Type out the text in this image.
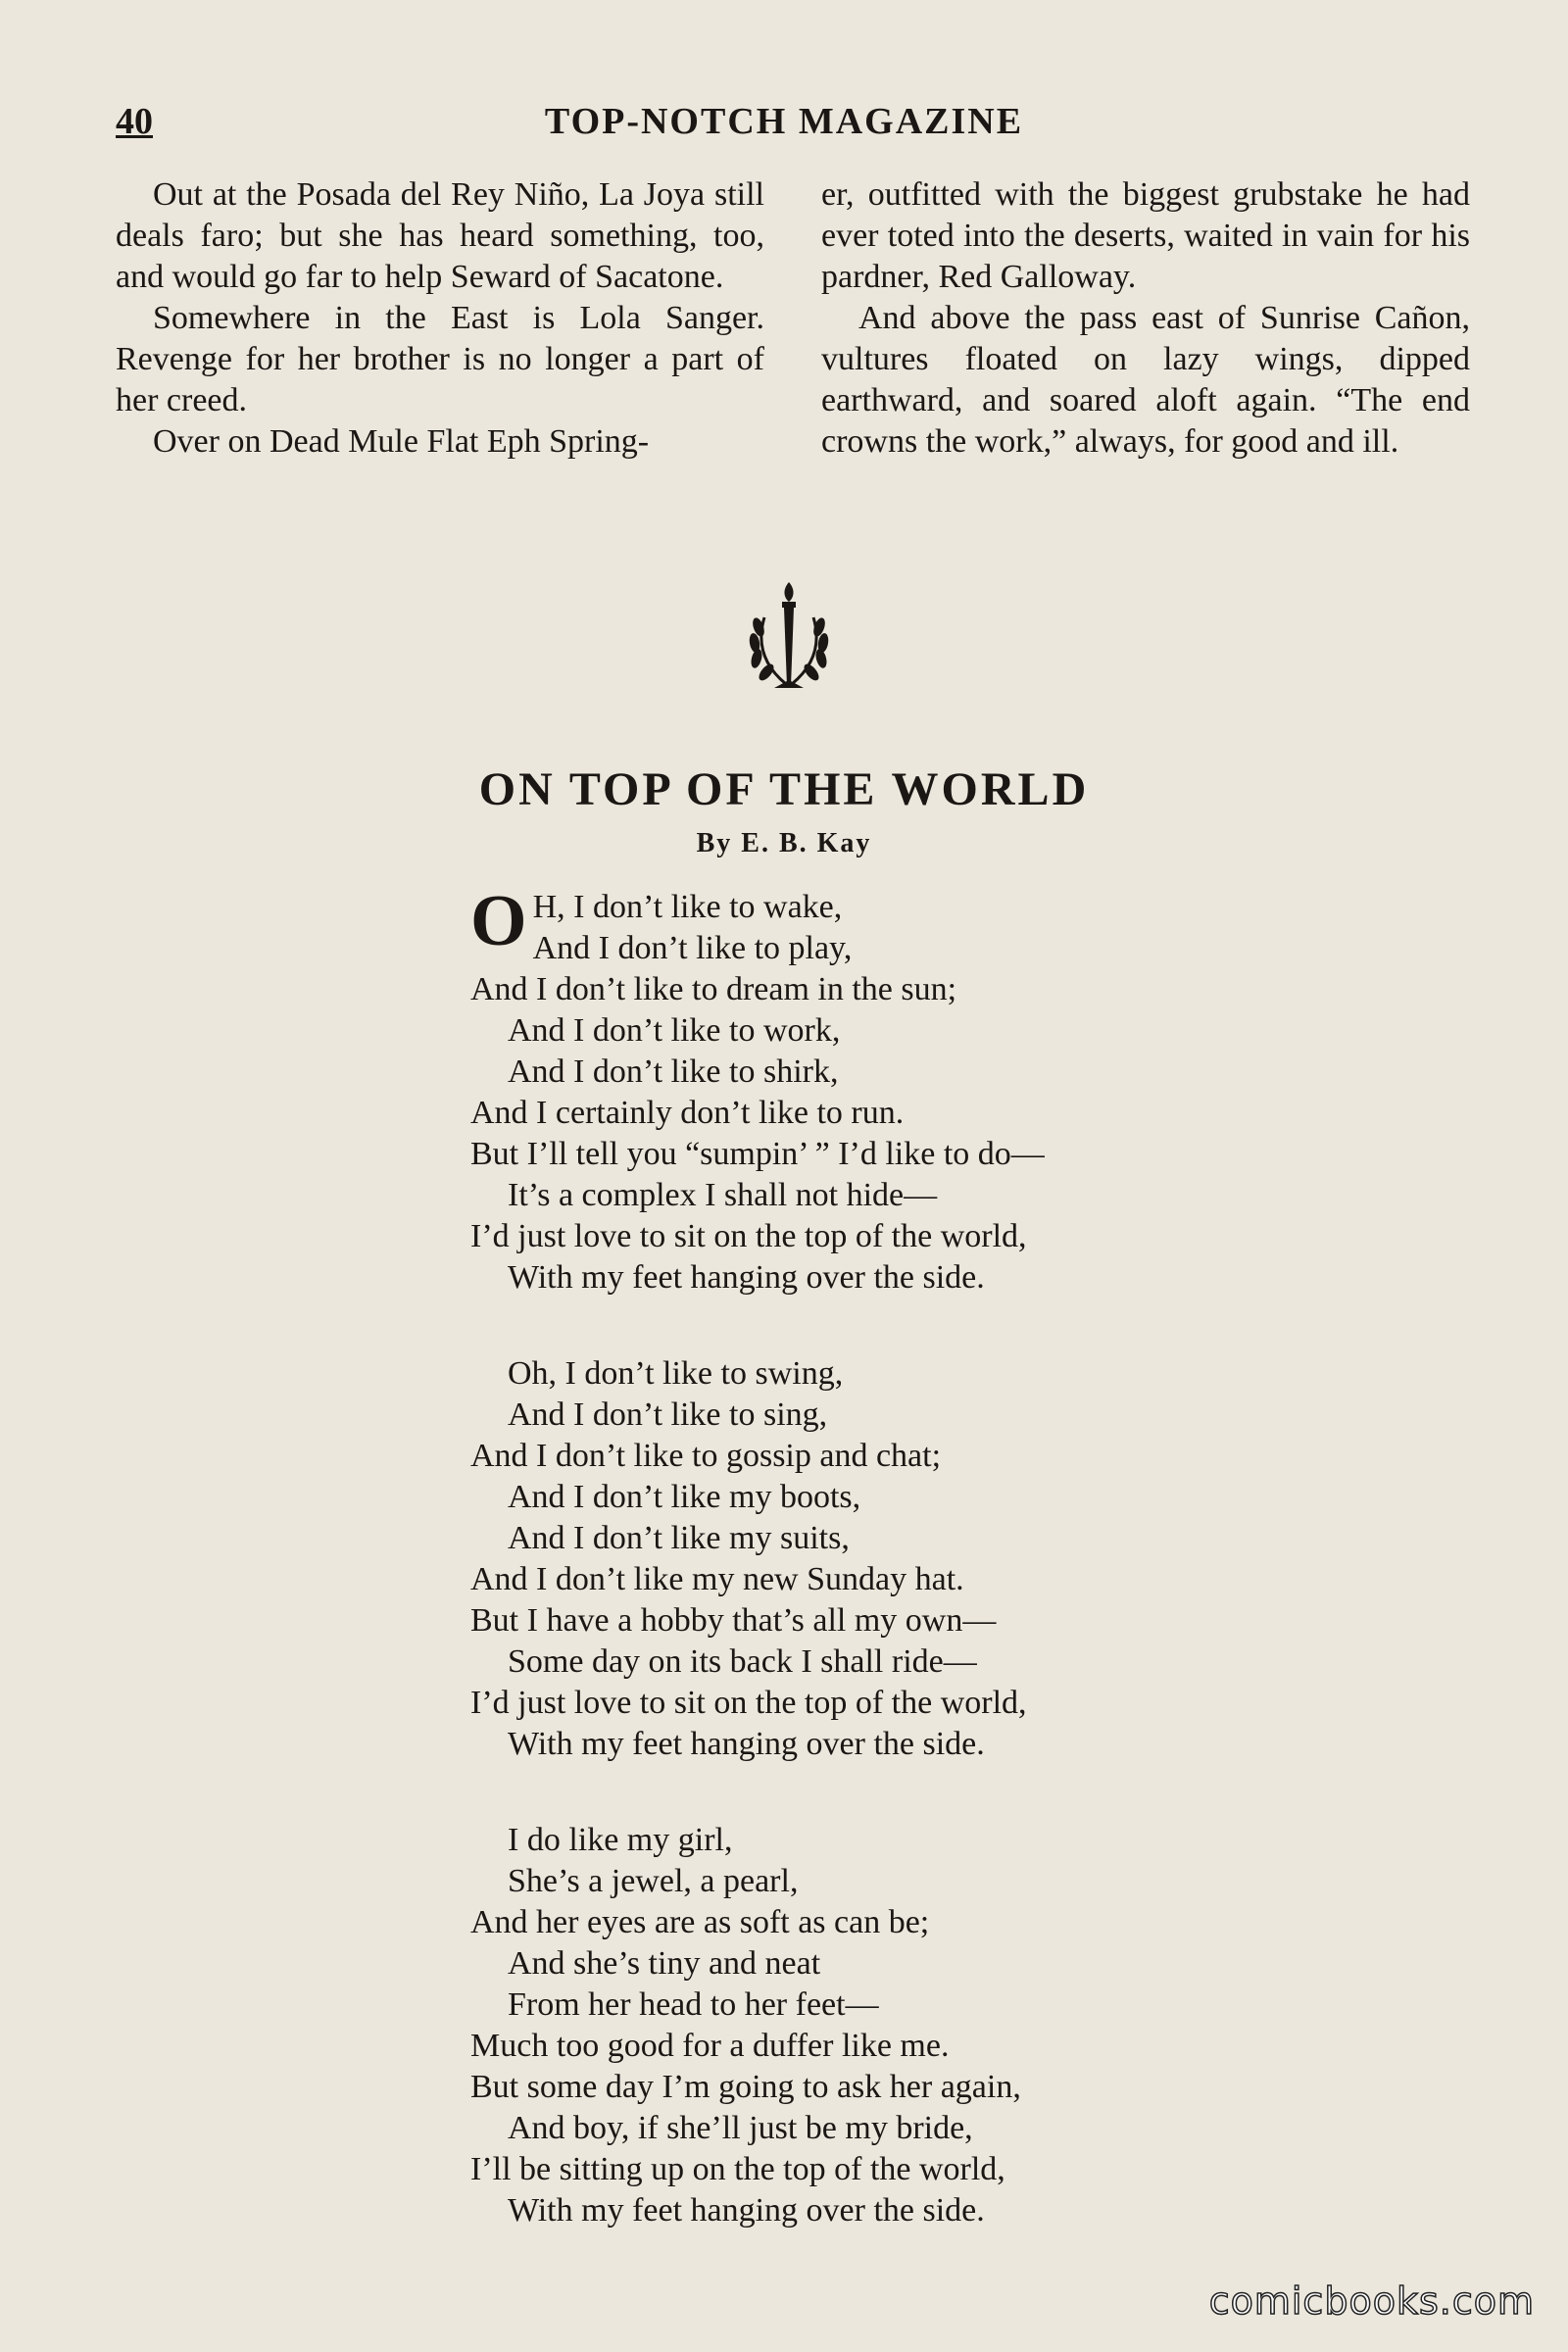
40	TOP-NOTCH MAGAZINE

Out at the Posada del Rey Niño, La Joya still deals faro; but she has heard something, too, and would go far to help Seward of Sacatone.

Somewhere in the East is Lola Sanger. Revenge for her brother is no longer a part of her creed.

Over on Dead Mule Flat Eph Spring-

er, outfitted with the biggest grubstake he had ever toted into the deserts, waited in vain for his pardner, Red Galloway.

And above the pass east of Sunrise Cañon, vultures floated on lazy wings, dipped earthward, and soared aloft again. “The end crowns the work,” always, for good and ill.

ON TOP OF THE WORLD
By E. B. Kay
O H, I don’t like to wake,
And I don’t like to play,
And I don’t like to dream in the sun;
And I don’t like to work,
And I don’t like to shirk,
And I certainly don’t like to run.
But I’ll tell you “sumpin’ ” I’d like to do—
It’s a complex I shall not hide—
I’d just love to sit on the top of the world,
With my feet hanging over the side.
Oh, I don’t like to swing,
And I don’t like to sing,
And I don’t like to gossip and chat;
And I don’t like my boots,
And I don’t like my suits,
And I don’t like my new Sunday hat.
But I have a hobby that’s all my own—
Some day on its back I shall ride—
I’d just love to sit on the top of the world,
With my feet hanging over the side.
I do like my girl,
She’s a jewel, a pearl,
And her eyes are as soft as can be;
And she’s tiny and neat
From her head to her feet—
Much too good for a duffer like me.
But some day I’m going to ask her again,
And boy, if she’ll just be my bride,
I’ll be sitting up on the top of the world,
With my feet hanging over the side.
comicbooks.com
